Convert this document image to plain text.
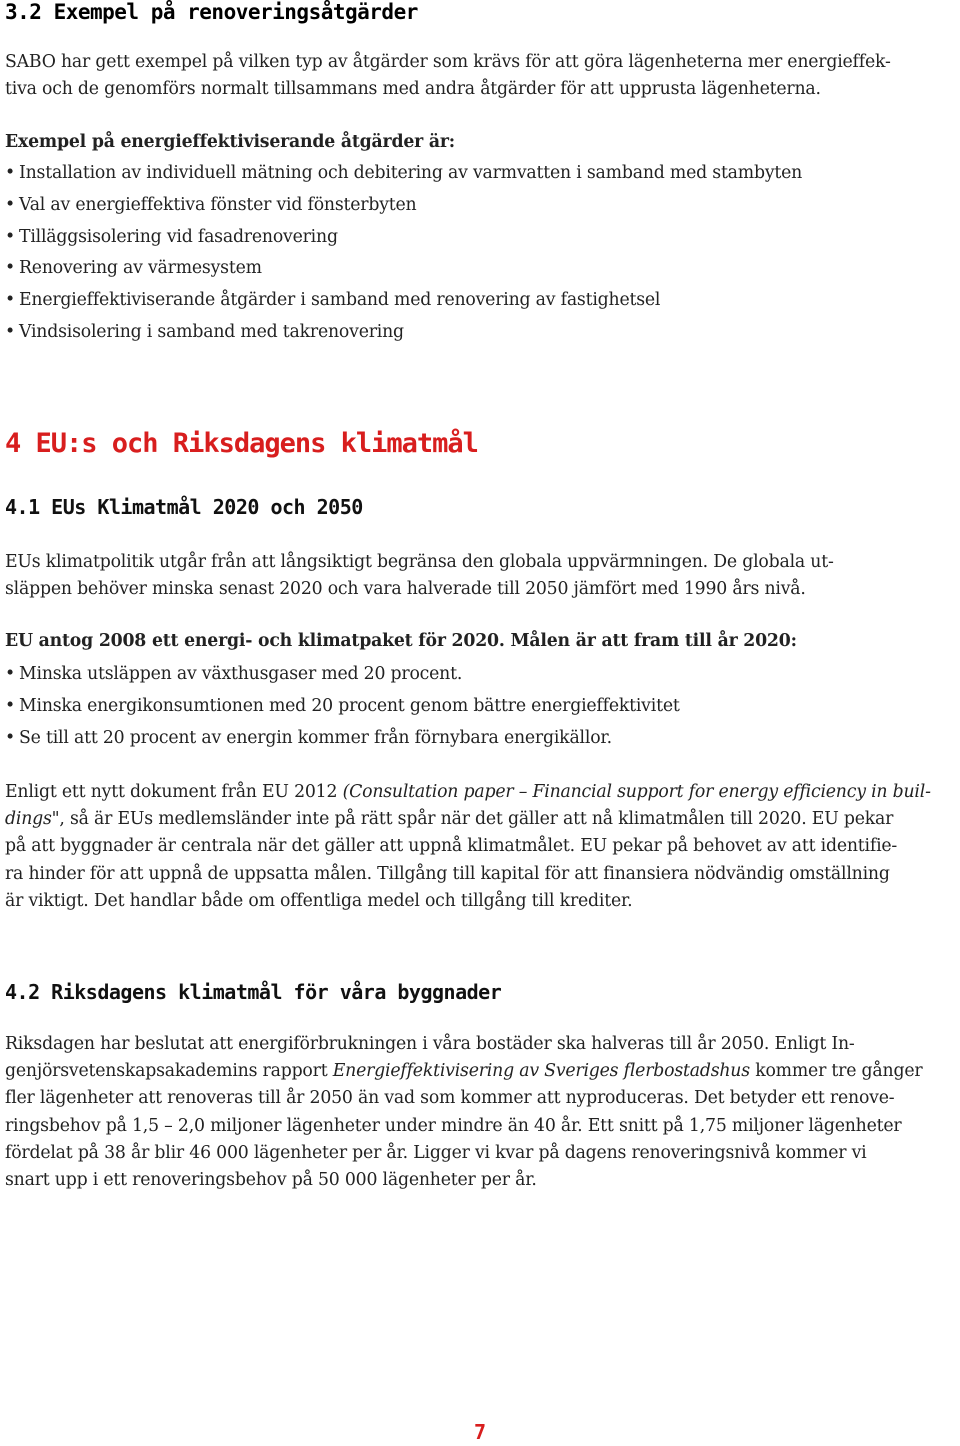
3.2 Exempel på renoveringsåtgärder
SABO har gett exempel på vilken typ av åtgärder som krävs för att göra lägenheterna mer energieffek-
tiva och de genomförs normalt tillsammans med andra åtgärder för att upprusta lägenheterna.
Exempel på energieffektiviserande åtgärder är:
• Installation av individuell mätning och debitering av varmvatten i samband med stambyten
• Val av energieffektiva fönster vid fönsterbyten
• Tilläggsisolering vid fasadrenovering
• Renovering av värmesystem
• Energieffektiviserande åtgärder i samband med renovering av fastighetsel
• Vindsisolering i samband med takrenovering
4 EU:s och Riksdagens klimatmål
4.1 EUs Klimatmål 2020 och 2050
EUs klimatpolitik utgår från att långsiktigt begränsa den globala uppvärmningen. De globala ut-
släppen behöver minska senast 2020 och vara halverade till 2050 jämfört med 1990 års nivå.
EU antog 2008 ett energi- och klimatpaket för 2020. Målen är att fram till år 2020:
• Minska utsläppen av växthusgaser med 20 procent.
• Minska energikonsumtionen med 20 procent genom bättre energieffektivitet
• Se till att 20 procent av energin kommer från förnybara energikällor.
Enligt ett nytt dokument från EU 2012 (Consultation paper – Financial support for energy efficiency in buil-
dings", så är EUs medlemsländer inte på rätt spår när det gäller att nå klimatmålen till 2020. EU pekar
på att byggnader är centrala när det gäller att uppnå klimatmålet. EU pekar på behovet av att identifie-
ra hinder för att uppnå de uppsatta målen. Tillgång till kapital för att finansiera nödvändig omställning
är viktigt. Det handlar både om offentliga medel och tillgång till krediter.
4.2 Riksdagens klimatmål för våra byggnader
Riksdagen har beslutat att energiförbrukningen i våra bostäder ska halveras till år 2050. Enligt In-
genjörsvetenskapsakademins rapport Energieffektivisering av Sveriges flerbostadshus kommer tre gånger
fler lägenheter att renoveras till år 2050 än vad som kommer att nyproduceras. Det betyder ett renove-
ringsbehov på 1,5 – 2,0 miljoner lägenheter under mindre än 40 år. Ett snitt på 1,75 miljoner lägenheter
fördelat på 38 år blir 46 000 lägenheter per år. Ligger vi kvar på dagens renoveringsnivå kommer vi
snart upp i ett renoveringsbehov på 50 000 lägenheter per år.
7
